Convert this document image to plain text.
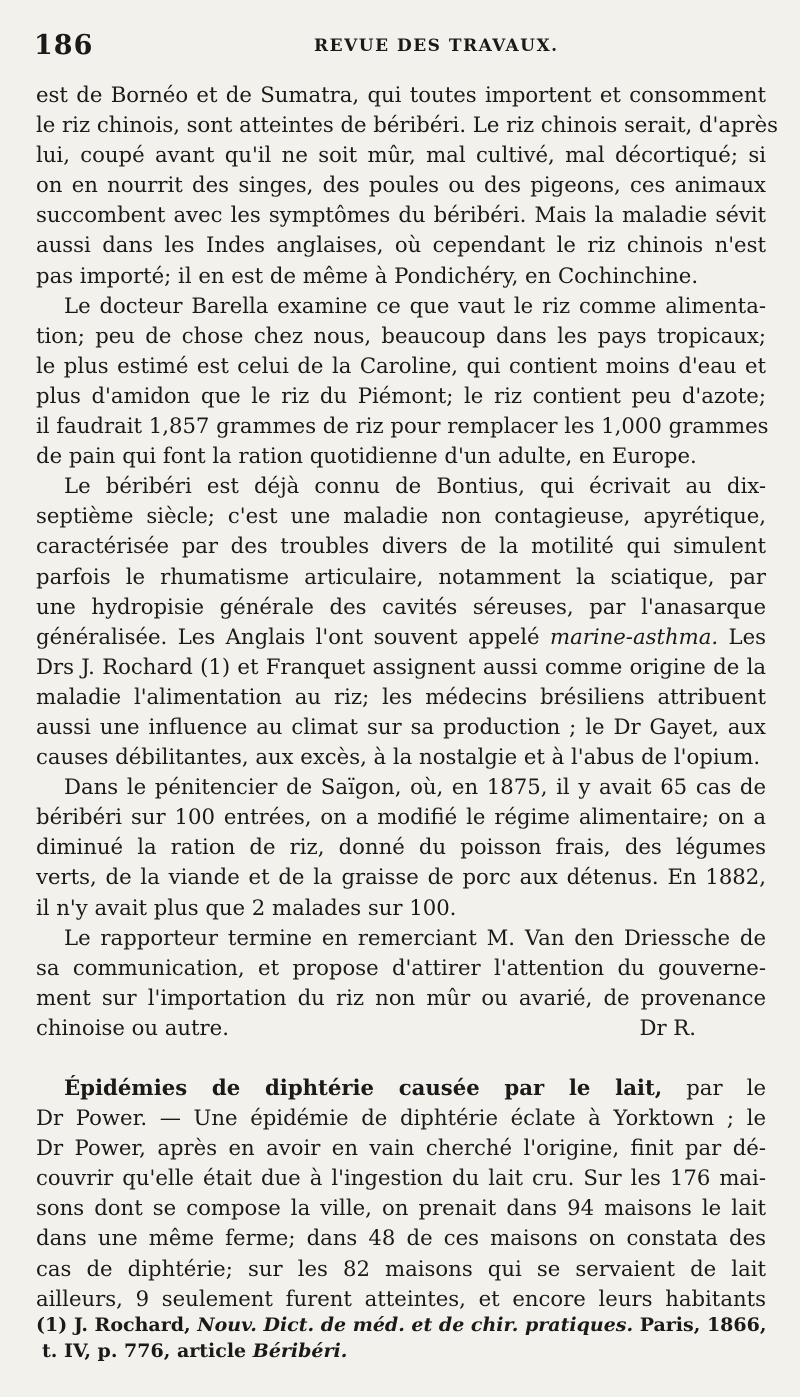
186	REVUE DES TRAVAUX.
est de Bornéo et de Sumatra, qui toutes importent et consomment
le riz chinois, sont atteintes de béribéri. Le riz chinois serait, d'après
lui, coupé avant qu'il ne soit mûr, mal cultivé, mal décortiqué; si
on en nourrit des singes, des poules ou des pigeons, ces animaux
succombent avec les symptômes du béribéri. Mais la maladie sévit
aussi dans les Indes anglaises, où cependant le riz chinois n'est
pas importé; il en est de même à Pondichéry, en Cochinchine.
Le docteur Barella examine ce que vaut le riz comme alimenta-
tion; peu de chose chez nous, beaucoup dans les pays tropicaux;
le plus estimé est celui de la Caroline, qui contient moins d'eau et
plus d'amidon que le riz du Piémont; le riz contient peu d'azote;
il faudrait 1,857 grammes de riz pour remplacer les 1,000 grammes
de pain qui font la ration quotidienne d'un adulte, en Europe.
Le béribéri est déjà connu de Bontius, qui écrivait au dix-
septième siècle; c'est une maladie non contagieuse, apyrétique,
caractérisée par des troubles divers de la motilité qui simulent
parfois le rhumatisme articulaire, notamment la sciatique, par
une hydropisie générale des cavités séreuses, par l'anasarque
généralisée. Les Anglais l'ont souvent appelé marine-asthma. Les
Drs J. Rochard (1) et Franquet assignent aussi comme origine de la
maladie l'alimentation au riz; les médecins brésiliens attribuent
aussi une influence au climat sur sa production ; le Dr Gayet, aux
causes débilitantes, aux excès, à la nostalgie et à l'abus de l'opium.
Dans le pénitencier de Saïgon, où, en 1875, il y avait 65 cas de
béribéri sur 100 entrées, on a modifié le régime alimentaire; on a
diminué la ration de riz, donné du poisson frais, des légumes
verts, de la viande et de la graisse de porc aux détenus. En 1882,
il n'y avait plus que 2 malades sur 100.
Le rapporteur termine en remerciant M. Van den Driessche de
sa communication, et propose d'attirer l'attention du gouverne-
ment sur l'importation du riz non mûr ou avarié, de provenance
chinoise ou autre.	Dr R.
Épidémies de diphtérie causée par le lait, par le
Dr Power. — Une épidémie de diphtérie éclate à Yorktown ; le
Dr Power, après en avoir en vain cherché l'origine, finit par dé-
couvrir qu'elle était due à l'ingestion du lait cru. Sur les 176 mai-
sons dont se compose la ville, on prenait dans 94 maisons le lait
dans une même ferme; dans 48 de ces maisons on constata des
cas de diphtérie; sur les 82 maisons qui se servaient de lait
ailleurs, 9 seulement furent atteintes, et encore leurs habitants
(1) J. Rochard, Nouv. Dict. de méd. et de chir. pratiques. Paris, 1866,
t. IV, p. 776, article Béribéri.
